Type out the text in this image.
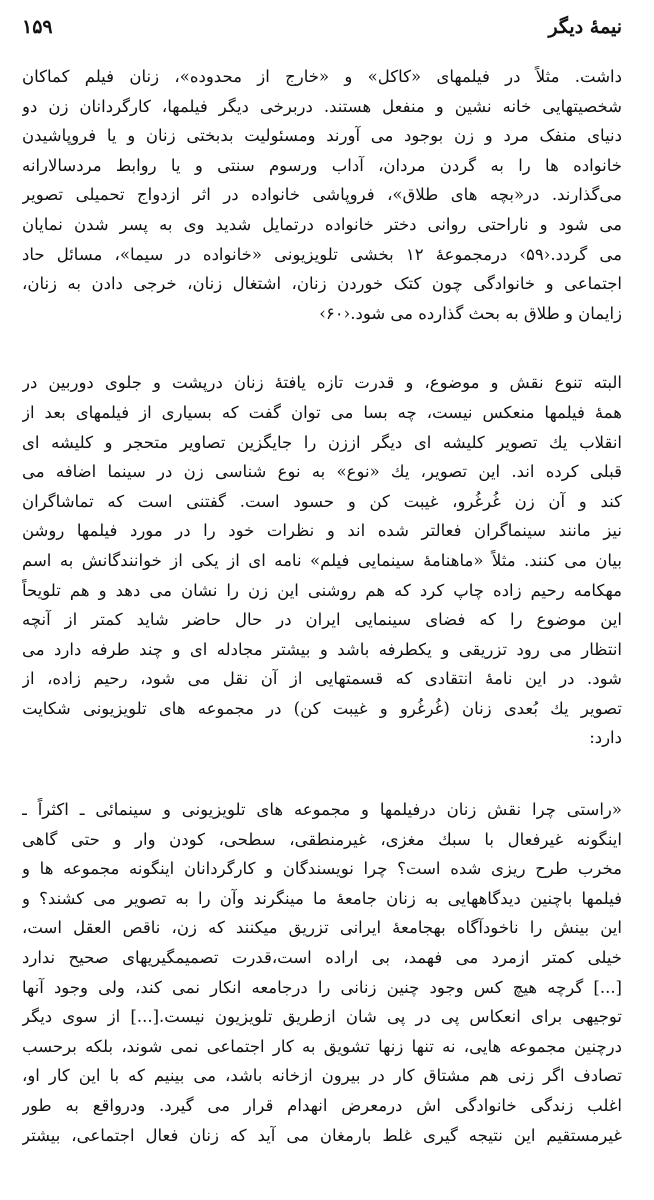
نیمهٔ دیگر
۱۵۹
داشت. مثلاً در فیلمهای «کاکل» و «خارج از محدوده»، زنان فیلم کماکان
شخصیتهایی خانه نشین و منفعل هستند. دربرخی دیگر فیلمها، کارگردانان زن دو
دنیای منفک مرد و زن بوجود می آورند ومسئولیت بدبختی زنان و یا فروپاشیدن
خانواده ها را به گردن مردان، آداب ورسوم سنتی و یا روابط مردسالارانه
می‌گذارند. در«بچه های طلاق»، فروپاشی خانواده در اثر ازدواج تحمیلی تصویر
می شود و ناراحتی روانی دختر خانواده درتمایل شدید وی به پسر شدن نمایان
می گردد.‹۵۹› درمجموعهٔ ۱۲ بخشی تلویزیونی «خانواده در سیما»، مسائل حاد
اجتماعی و خانوادگی چون کتک خوردن زنان، اشتغال زنان، خرجی دادن به زنان،
زایمان و طلاق به بحث گذارده می شود.‹۶۰›
البته تنوع نقش و موضوع، و قدرت تازه یافتهٔ زنان درپشت و جلوی دوربین در
همهٔ فیلمها منعکس نیست، چه بسا می توان گفت که بسیاری از فیلمهای بعد از
انقلاب یك تصویر کلیشه ای دیگر اززن را جایگزین تصاویر متحجر و کلیشه ای
قبلی کرده اند. این تصویر، یك «نوع» به نوع شناسی زن در سینما اضافه می
کند و آن زن غُرغُرو، غیبت کن و حسود است. گفتنی است که تماشاگران
نیز مانند سینماگران فعالتر شده اند و نظرات خود را در مورد فیلمها روشن
بیان می کنند. مثلاً «ماهنامهٔ سینمایی فیلم» نامه ای از یکی از خوانندگانش به اسم
مهکامه رحیم زاده چاپ کرد که هم روشنی این زن را نشان می دهد و هم تلویحاً
این موضوع را که فضای سینمایی ایران در حال حاضر شاید کمتر از آنچه
انتظار می رود تزریقی و یکطرفه باشد و بیشتر مجادله ای و چند طرفه دارد می
شود. در این نامهٔ انتقادی که قسمتهایی از آن نقل می شود، رحیم زاده، از
تصویر یك بُعدی زنان (غُرغُرو و غیبت کن) در مجموعه های تلویزیونی شکایت
دارد:
«راستی چرا نقش زنان درفیلمها و مجموعه های تلویزیونی و سینمائی ـ اکثراً ـ
اینگونه غیرفعال با سبك مغزی، غیرمنطقی، سطحی، کودن وار و حتی گاهی
مخرب طرح ریزی شده است؟ چرا نویسندگان و کارگردانان اینگونه مجموعه ها و
فیلمها باچنین دیدگاههایی به زنان جامعهٔ ما مینگرند وآن را به تصویر می کشند؟ و
این بینش را ناخودآگاه بهجامعهٔ ایرانی تزریق میکنند که زن، ناقص العقل است،
خیلی کمتر ازمرد می فهمد، بی اراده است،قدرت تصمیمگیریهای صحیح ندارد
[...] گرچه هیچ کس وجود چنین زنانی را درجامعه انکار نمی کند، ولی وجود آنها
توجیهی برای انعکاس پی در پی شان ازطریق تلویزیون نیست.[...] از سوی دیگر
درچنین مجموعه هایی، نه تنها زنها تشویق به کار اجتماعی نمی شوند، بلکه برحسب
تصادف اگر زنی هم مشتاق کار در بیرون ازخانه باشد، می بینیم که با این کار او،
اغلب زندگی خانوادگی اش درمعرض انهدام قرار می گیرد. ودرواقع به طور
غیرمستقیم این نتیجه گیری غلط بارمغان می آید که زنان فعال اجتماعی، بیشتر
